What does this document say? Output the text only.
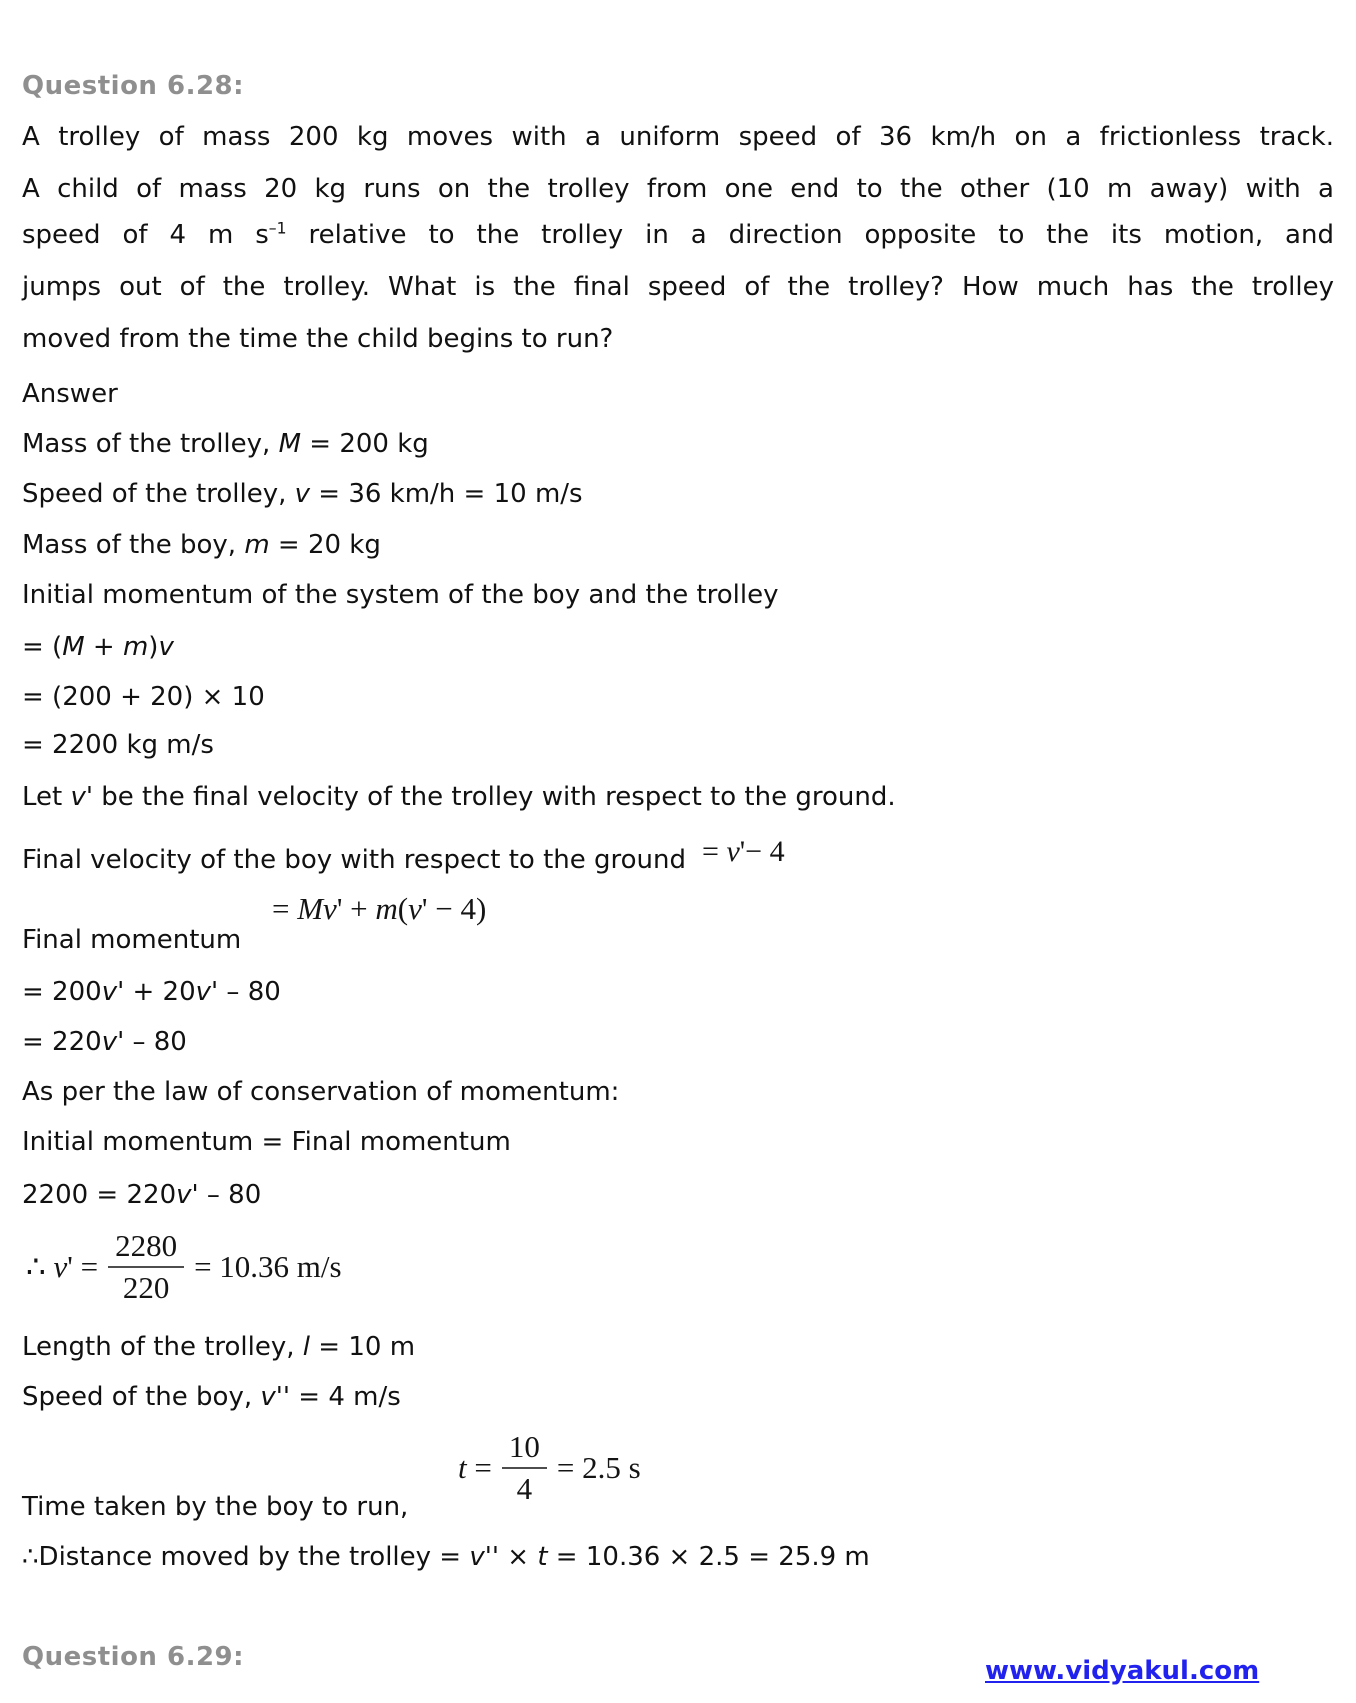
Question 6.28:
A trolley of mass 200 kg moves with a uniform speed of 36 km/h on a frictionless track.
A child of mass 20 kg runs on the trolley from one end to the other (10 m away) with a
speed of 4 m $s^{-1}$ relative to the trolley in a direction opposite to the its motion, and
jumps out of the trolley. What is the final speed of the trolley? How much has the trolley
moved from the time the child begins to run?
Answer
Mass of the trolley, M = 200 kg
Speed of the trolley, v = 36 km/h = 10 m/s
Mass of the boy, m = 20 kg
Initial momentum of the system of the boy and the trolley
= (M + m)v
= (200 + 20) × 10
= 2200 kg m/s
Let v' be the final velocity of the trolley with respect to the ground.
Final velocity of the boy with respect to the ground = v'− 4
Final momentum
= Mv' + m(v' − 4)
= 200v' + 20v' – 80
= 220v' – 80
As per the law of conservation of momentum:
Initial momentum = Final momentum
2200 = 220v' – 80
∴ $v' = \frac{2280}{220} = 10.36$ m/s
Length of the trolley, l = 10 m
Speed of the boy, v'' = 4 m/s
$t = \frac{10}{4} = 2.5$ s
Time taken by the boy to run,
∴Distance moved by the trolley = v'' × t = 10.36 × 2.5 = 25.9 m
Question 6.29:	www.vidyakul.com
